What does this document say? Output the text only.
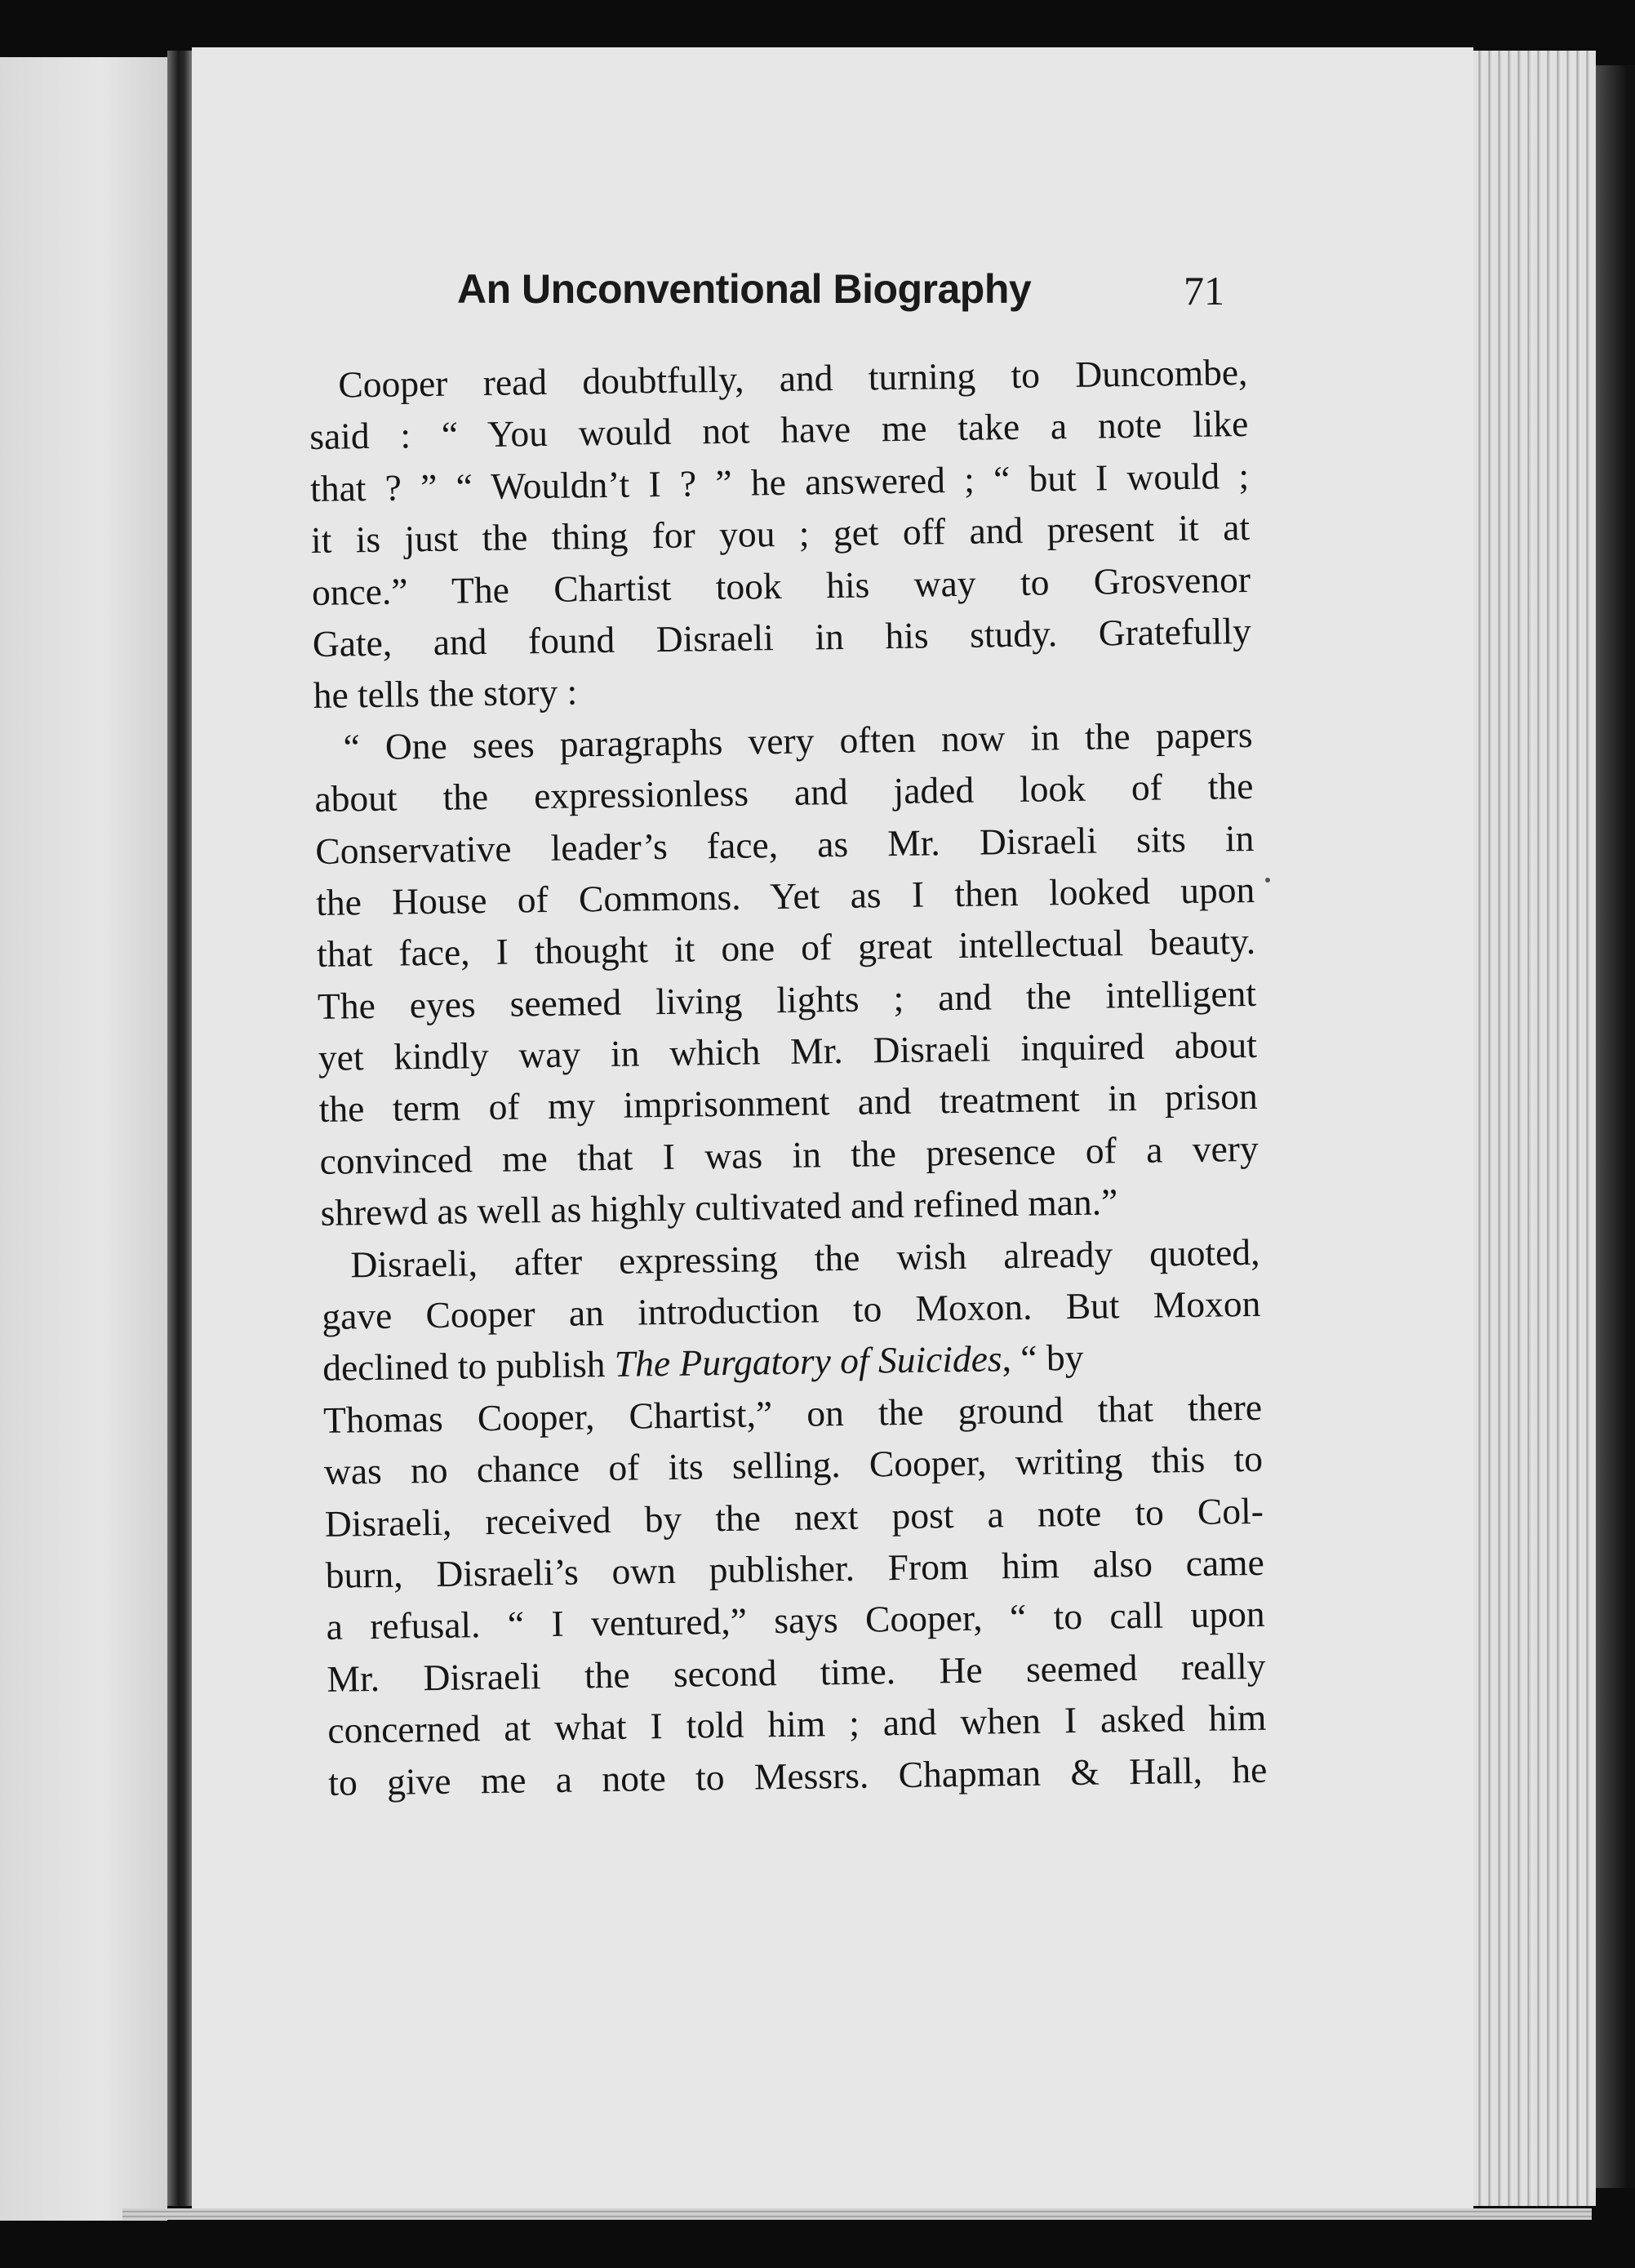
An Unconventional Biography	71
Cooper read doubtfully, and turning to Duncombe,
said : “ You would not have me take a note like
that ? ” “ Wouldn’t I ? ” he answered ; “ but I would ;
it is just the thing for you ; get off and present it at
once.” The Chartist took his way to Grosvenor
Gate, and found Disraeli in his study. Gratefully
he tells the story :
“ One sees paragraphs very often now in the papers
about the expressionless and jaded look of the
Conservative leader’s face, as Mr. Disraeli sits in
the House of Commons. Yet as I then looked upon
that face, I thought it one of great intellectual beauty.
The eyes seemed living lights ; and the intelligent
yet kindly way in which Mr. Disraeli inquired about
the term of my imprisonment and treatment in prison
convinced me that I was in the presence of a very
shrewd as well as highly cultivated and refined man.”
Disraeli, after expressing the wish already quoted,
gave Cooper an introduction to Moxon. But Moxon
declined to publish The Purgatory of Suicides, “ by
Thomas Cooper, Chartist,” on the ground that there
was no chance of its selling. Cooper, writing this to
Disraeli, received by the next post a note to Col-
burn, Disraeli’s own publisher. From him also came
a refusal. “ I ventured,” says Cooper, “ to call upon
Mr. Disraeli the second time. He seemed really
concerned at what I told him ; and when I asked him
to give me a note to Messrs. Chapman & Hall, he
